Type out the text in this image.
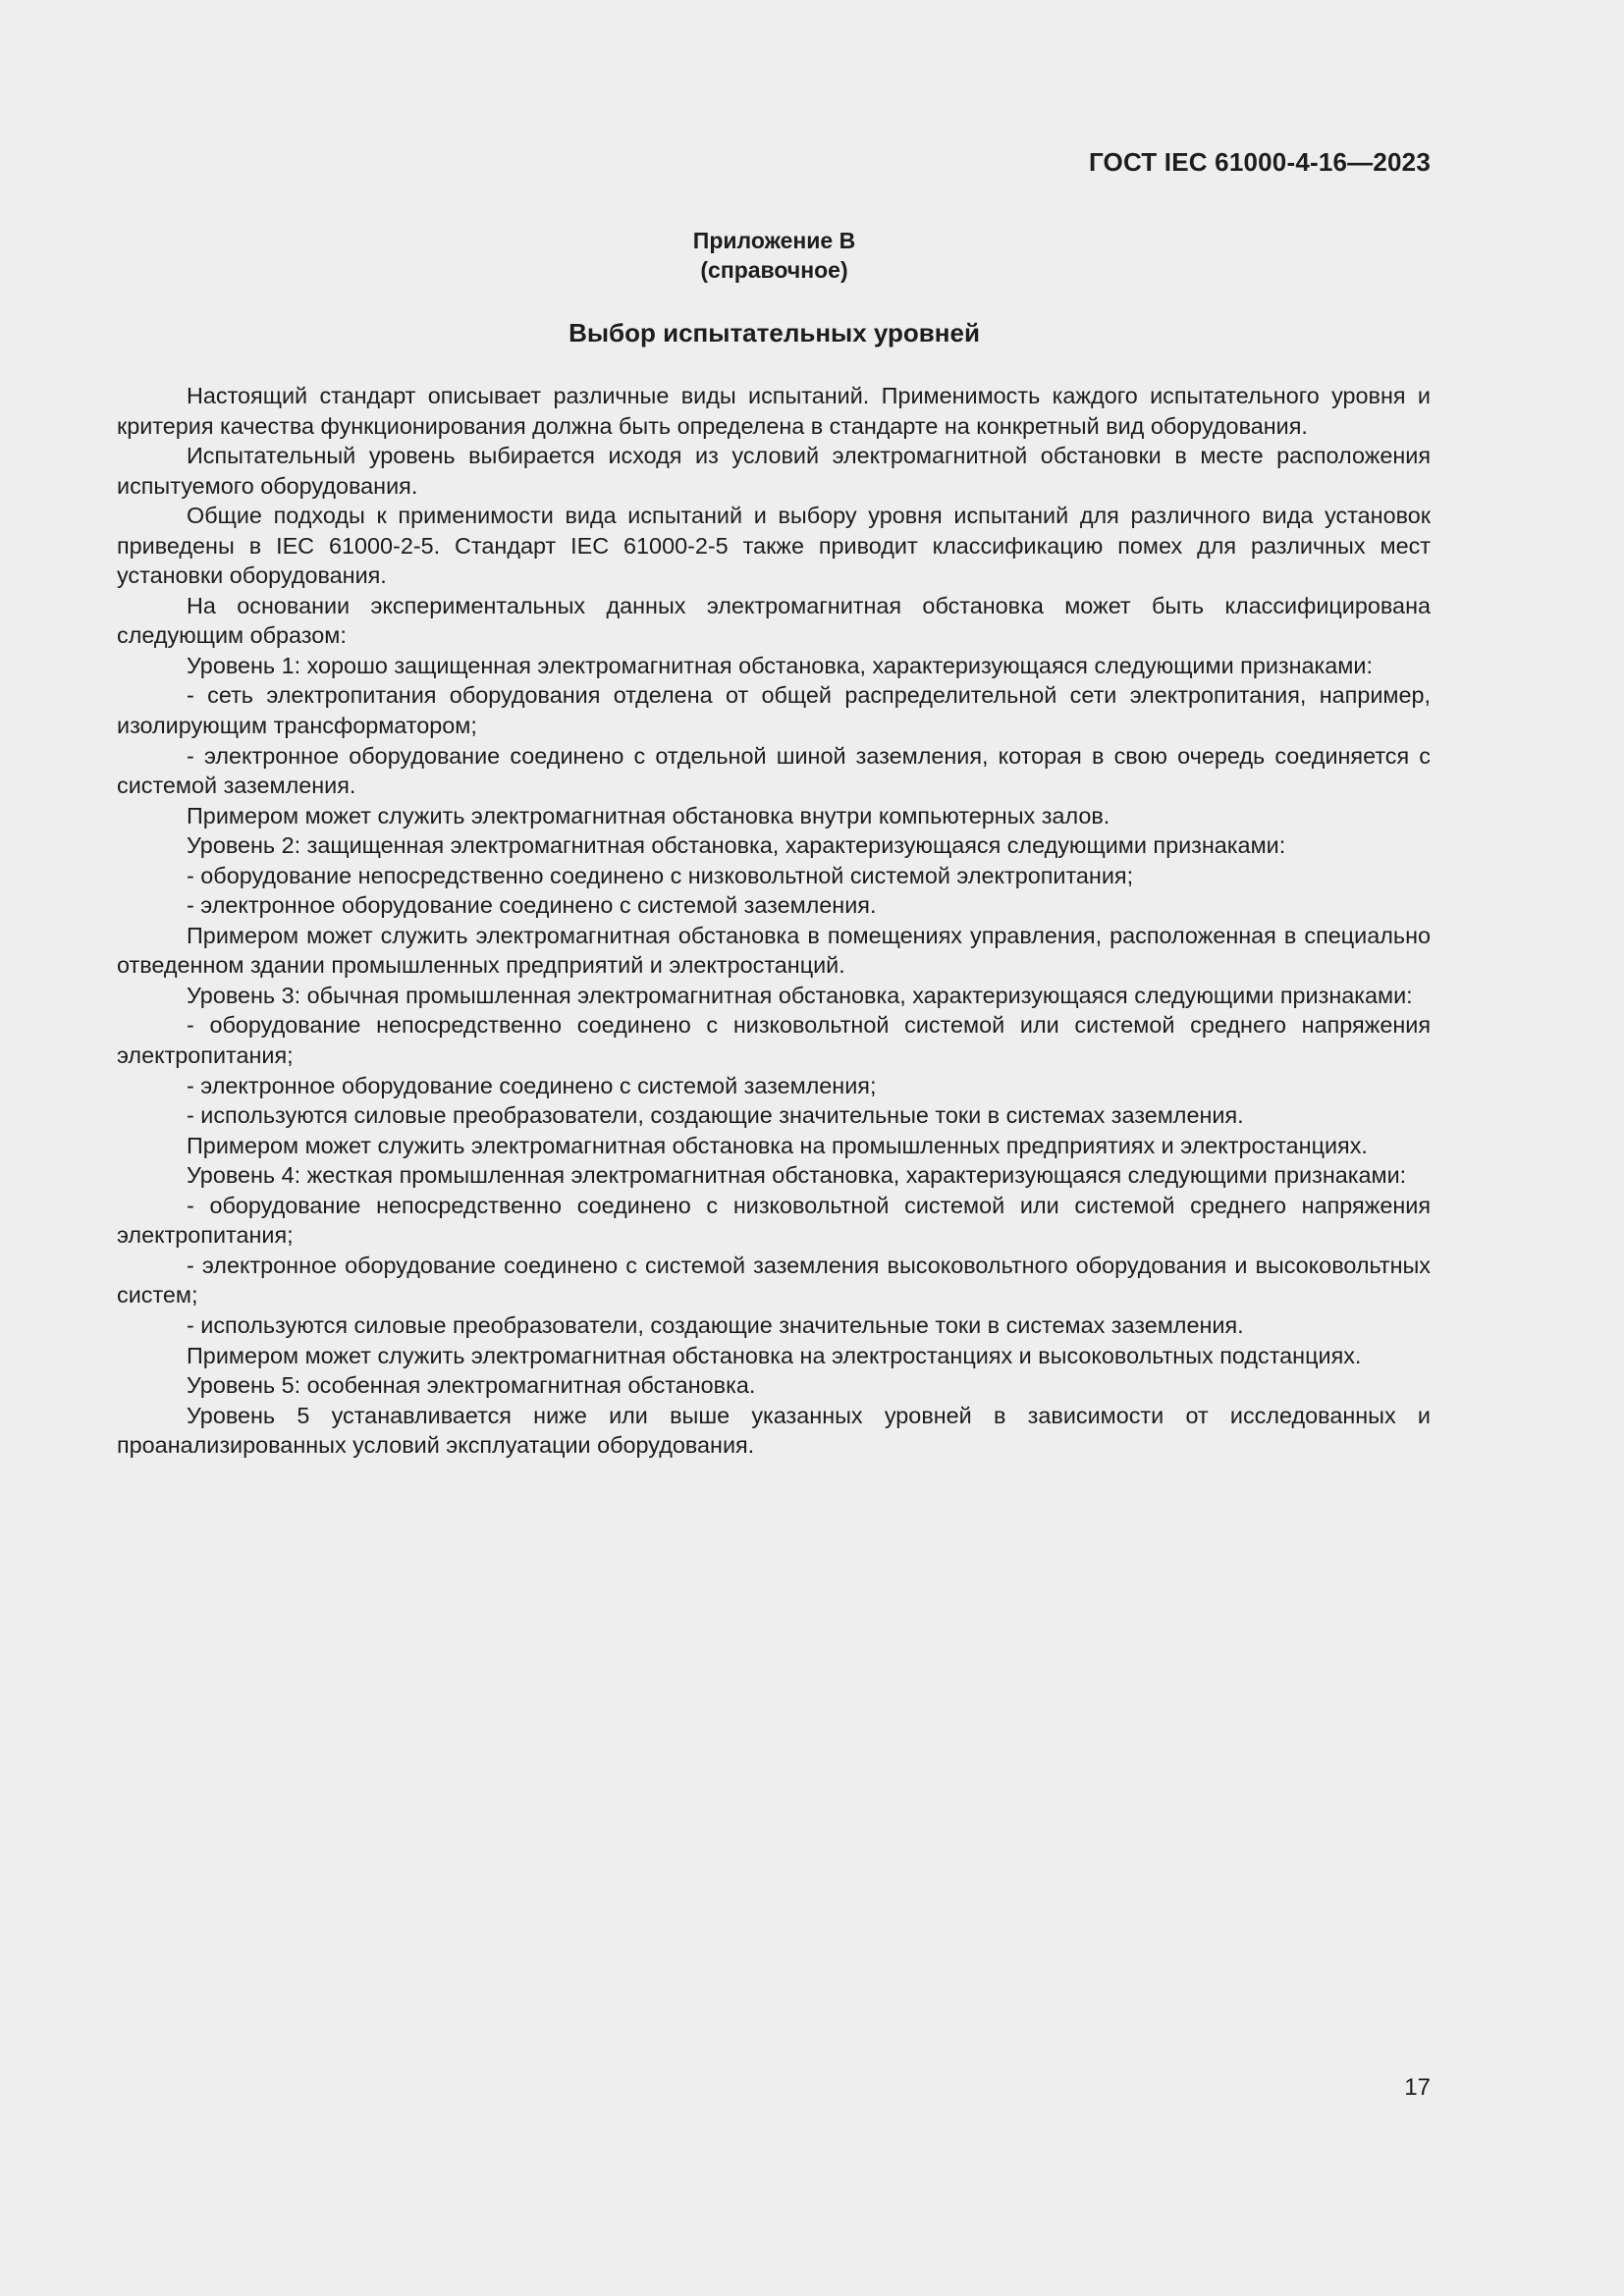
ГОСТ IEC 61000-4-16—2023
Приложение В
(справочное)
Выбор испытательных уровней

Настоящий стандарт описывает различные виды испытаний. Применимость каждого испытательного уровня и критерия качества функционирования должна быть определена в стандарте на конкретный вид оборудования.

Испытательный уровень выбирается исходя из условий электромагнитной обстановки в месте расположения испытуемого оборудования.

Общие подходы к применимости вида испытаний и выбору уровня испытаний для различного вида установок приведены в IEC 61000-2-5. Стандарт IEC 61000-2-5 также приводит классификацию помех для различных мест установки оборудования.

На основании экспериментальных данных электромагнитная обстановка может быть классифицирована следующим образом:

Уровень 1: хорошо защищенная электромагнитная обстановка, характеризующаяся следующими признаками:

- сеть электропитания оборудования отделена от общей распределительной сети электропитания, например, изолирующим трансформатором;

- электронное оборудование соединено с отдельной шиной заземления, которая в свою очередь соединяется с системой заземления.

Примером может служить электромагнитная обстановка внутри компьютерных залов.

Уровень 2: защищенная электромагнитная обстановка, характеризующаяся следующими признаками:

- оборудование непосредственно соединено с низковольтной системой электропитания;

- электронное оборудование соединено с системой заземления.

Примером может служить электромагнитная обстановка в помещениях управления, расположенная в специально отведенном здании промышленных предприятий и электростанций.

Уровень 3: обычная промышленная электромагнитная обстановка, характеризующаяся следующими признаками:

- оборудование непосредственно соединено с низковольтной системой или системой среднего напряжения электропитания;

- электронное оборудование соединено с системой заземления;

- используются силовые преобразователи, создающие значительные токи в системах заземления.

Примером может служить электромагнитная обстановка на промышленных предприятиях и электростанциях.

Уровень 4: жесткая промышленная электромагнитная обстановка, характеризующаяся следующими признаками:

- оборудование непосредственно соединено с низковольтной системой или системой среднего напряжения электропитания;

- электронное оборудование соединено с системой заземления высоковольтного оборудования и высоковольтных систем;

- используются силовые преобразователи, создающие значительные токи в системах заземления.

Примером может служить электромагнитная обстановка на электростанциях и высоковольтных подстанциях.

Уровень 5: особенная электромагнитная обстановка.

Уровень 5 устанавливается ниже или выше указанных уровней в зависимости от исследованных и проанализированных условий эксплуатации оборудования.

17
